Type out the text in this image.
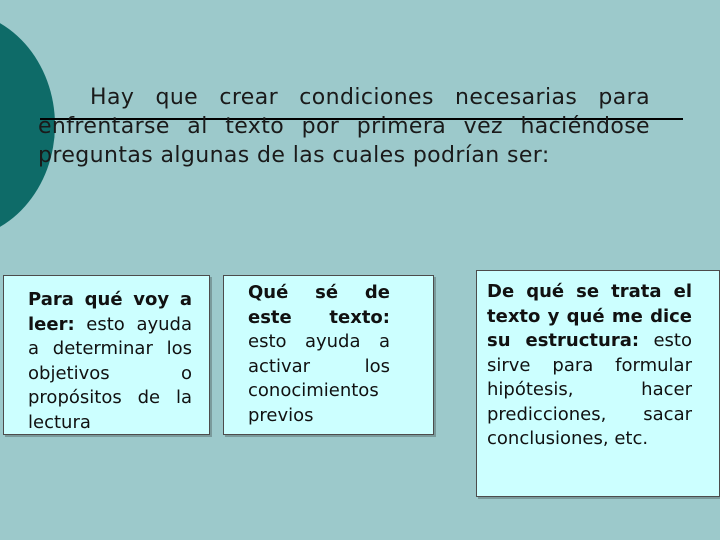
Hay que crear condiciones necesarias para enfrentarse al texto por primera vez haciéndose preguntas algunas de las cuales podrían ser:
Para qué voy a leer: esto ayuda a determinar los objetivos o propósitos de la lectura
Qué sé de este texto: esto ayuda a activar los conocimientos previos
De qué se trata el texto y qué me dice su estructura: esto sirve para formular hipótesis, hacer predicciones, sacar conclusiones, etc.
